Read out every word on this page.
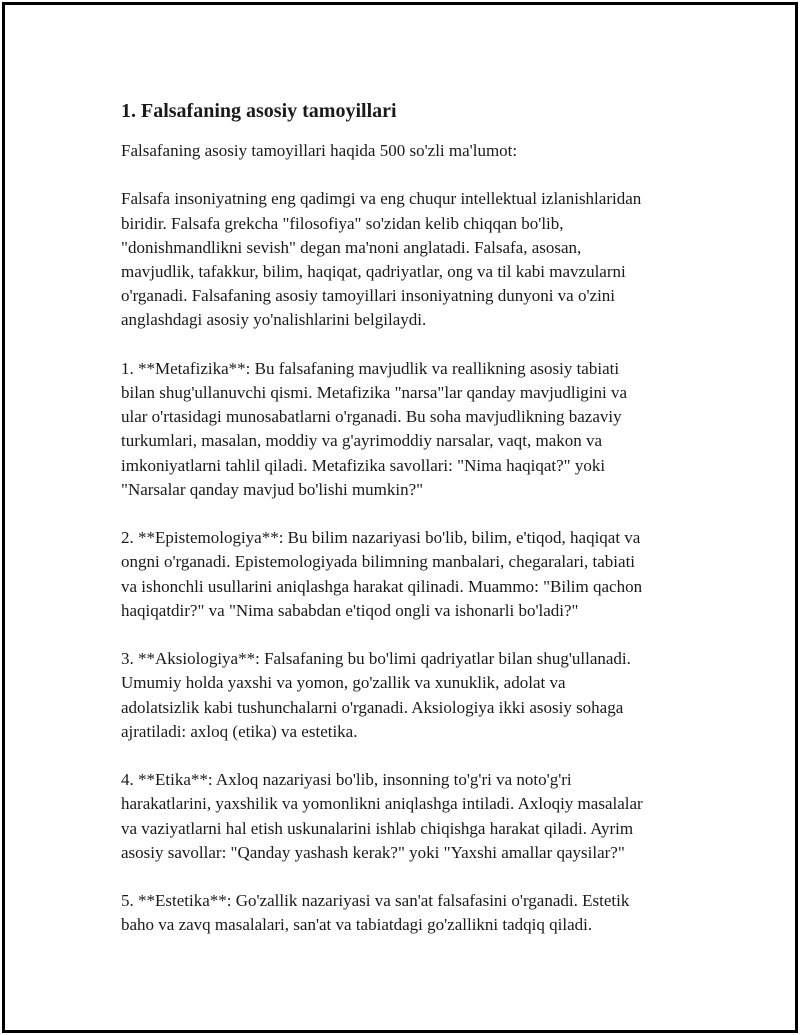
1. Falsafaning asosiy tamoyillari
Falsafaning asosiy tamoyillari haqida 500 so'zli ma'lumot:
Falsafa insoniyatning eng qadimgi va eng chuqur intellektual izlanishlaridan
biridir. Falsafa grekcha "filosofiya" so'zidan kelib chiqqan bo'lib,
"donishmandlikni sevish" degan ma'noni anglatadi. Falsafa, asosan,
mavjudlik, tafakkur, bilim, haqiqat, qadriyatlar, ong va til kabi mavzularni
o'rganadi. Falsafaning asosiy tamoyillari insoniyatning dunyoni va o'zini
anglashdagi asosiy yo'nalishlarini belgilaydi.
1. **Metafizika**: Bu falsafaning mavjudlik va reallikning asosiy tabiati
bilan shug'ullanuvchi qismi. Metafizika "narsa"lar qanday mavjudligini va
ular o'rtasidagi munosabatlarni o'rganadi. Bu soha mavjudlikning bazaviy
turkumlari, masalan, moddiy va g'ayrimoddiy narsalar, vaqt, makon va
imkoniyatlarni tahlil qiladi. Metafizika savollari: "Nima haqiqat?" yoki
"Narsalar qanday mavjud bo'lishi mumkin?"
2. **Epistemologiya**: Bu bilim nazariyasi bo'lib, bilim, e'tiqod, haqiqat va
ongni o'rganadi. Epistemologiyada bilimning manbalari, chegaralari, tabiati
va ishonchli usullarini aniqlashga harakat qilinadi. Muammo: "Bilim qachon
haqiqatdir?" va "Nima sababdan e'tiqod ongli va ishonarli bo'ladi?"
3. **Aksiologiya**: Falsafaning bu bo'limi qadriyatlar bilan shug'ullanadi.
Umumiy holda yaxshi va yomon, go'zallik va xunuklik, adolat va
adolatsizlik kabi tushunchalarni o'rganadi. Aksiologiya ikki asosiy sohaga
ajratiladi: axloq (etika) va estetika.
4. **Etika**: Axloq nazariyasi bo'lib, insonning to'g'ri va noto'g'ri
harakatlarini, yaxshilik va yomonlikni aniqlashga intiladi. Axloqiy masalalar
va vaziyatlarni hal etish uskunalarini ishlab chiqishga harakat qiladi. Ayrim
asosiy savollar: "Qanday yashash kerak?" yoki "Yaxshi amallar qaysilar?"
5. **Estetika**: Go'zallik nazariyasi va san'at falsafasini o'rganadi. Estetik
baho va zavq masalalari, san'at va tabiatdagi go'zallikni tadqiq qiladi.
